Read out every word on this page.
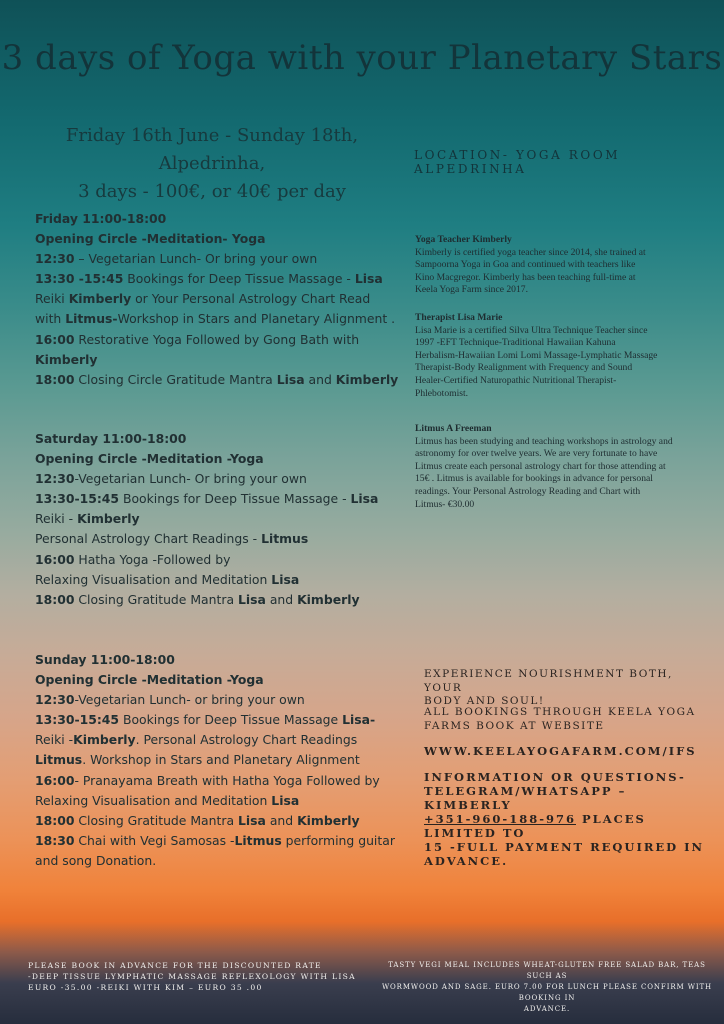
3 days of Yoga with your Planetary Stars
Friday 16th June - Sunday 18th, Alpedrinha,
3 days - 100€, or 40€ per day
LOCATION- YOGA ROOM ALPEDRINHA
Friday 11:00-18:00
Opening Circle -Meditation- Yoga
12:30 – Vegetarian Lunch- Or bring your own
13:30 -15:45 Bookings for Deep Tissue Massage - Lisa
Reiki Kimberly or Your Personal Astrology Chart Read
with Litmus-Workshop in Stars and Planetary Alignment .
16:00 Restorative Yoga Followed by Gong Bath with
Kimberly
18:00 Closing Circle Gratitude Mantra Lisa and Kimberly
Saturday 11:00-18:00
Opening Circle -Meditation -Yoga
12:30-Vegetarian Lunch- Or bring your own
13:30-15:45 Bookings for Deep Tissue Massage - Lisa
Reiki - Kimberly
Personal Astrology Chart Readings - Litmus
16:00 Hatha Yoga -Followed by
Relaxing Visualisation and Meditation Lisa
18:00 Closing Gratitude Mantra Lisa and Kimberly
Sunday 11:00-18:00
Opening Circle -Meditation -Yoga
12:30-Vegetarian Lunch- or bring your own
13:30-15:45 Bookings for Deep Tissue Massage Lisa-
Reiki -Kimberly. Personal Astrology Chart Readings
Litmus. Workshop in Stars and Planetary Alignment
16:00- Pranayama Breath with Hatha Yoga Followed by
Relaxing Visualisation and Meditation Lisa
18:00 Closing Gratitude Mantra Lisa and Kimberly
18:30 Chai with Vegi Samosas -Litmus performing guitar
and song Donation.
Yoga Teacher Kimberly
Kimberly is certified yoga teacher since 2014, she trained at
Sampoorna Yoga in Goa and continued with teachers like
Kino Macgregor. Kimberly has been teaching full-time at
Keela Yoga Farm since 2017.
Therapist Lisa Marie
Lisa Marie is a certified Silva Ultra Technique Teacher since
1997 -EFT Technique-Traditional Hawaiian Kahuna
Herbalism-Hawaiian Lomi Lomi Massage-Lymphatic Massage
Therapist-Body Realignment with Frequency and Sound
Healer-Certified Naturopathic Nutritional Therapist-
Phlebotomist.
Litmus A Freeman
Litmus has been studying and teaching workshops in astrology and
astronomy for over twelve years. We are very fortunate to have
Litmus create each personal astrology chart for those attending at
15€ . Litmus is available for bookings in advance for personal
readings. Your Personal Astrology Reading and Chart with
Litmus- €30.00
EXPERIENCE NOURISHMENT BOTH, YOUR
BODY AND SOUL!
ALL BOOKINGS THROUGH KEELA YOGA
FARMS BOOK AT WEBSITE
WWW.KEELAYOGAFARM.COM/IFS
INFORMATION OR QUESTIONS-
TELEGRAM/WHATSAPP – KIMBERLY
+351-960-188-976 PLACES LIMITED TO
15 -FULL PAYMENT REQUIRED IN
ADVANCE.
PLEASE BOOK IN ADVANCE FOR THE DISCOUNTED RATE
-DEEP TISSUE LYMPHATIC MASSAGE REFLEXOLOGY WITH LISA
EURO -35.00 -REIKI WITH KIM – EURO 35 .00
TASTY VEGI MEAL INCLUDES WHEAT-GLUTEN FREE SALAD BAR, TEAS SUCH AS
WORMWOOD AND SAGE. EURO 7.00 FOR LUNCH PLEASE CONFIRM WITH BOOKING IN
ADVANCE.
